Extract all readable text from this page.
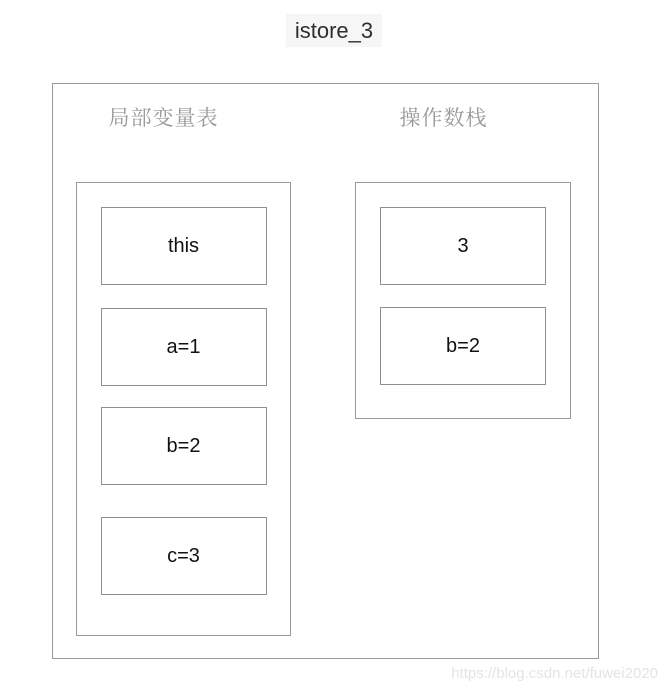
istore_3
局部变量表	操作数栈
this
a=1
b=2
c=3
3
b=2
https://blog.csdn.net/fuwei2020
